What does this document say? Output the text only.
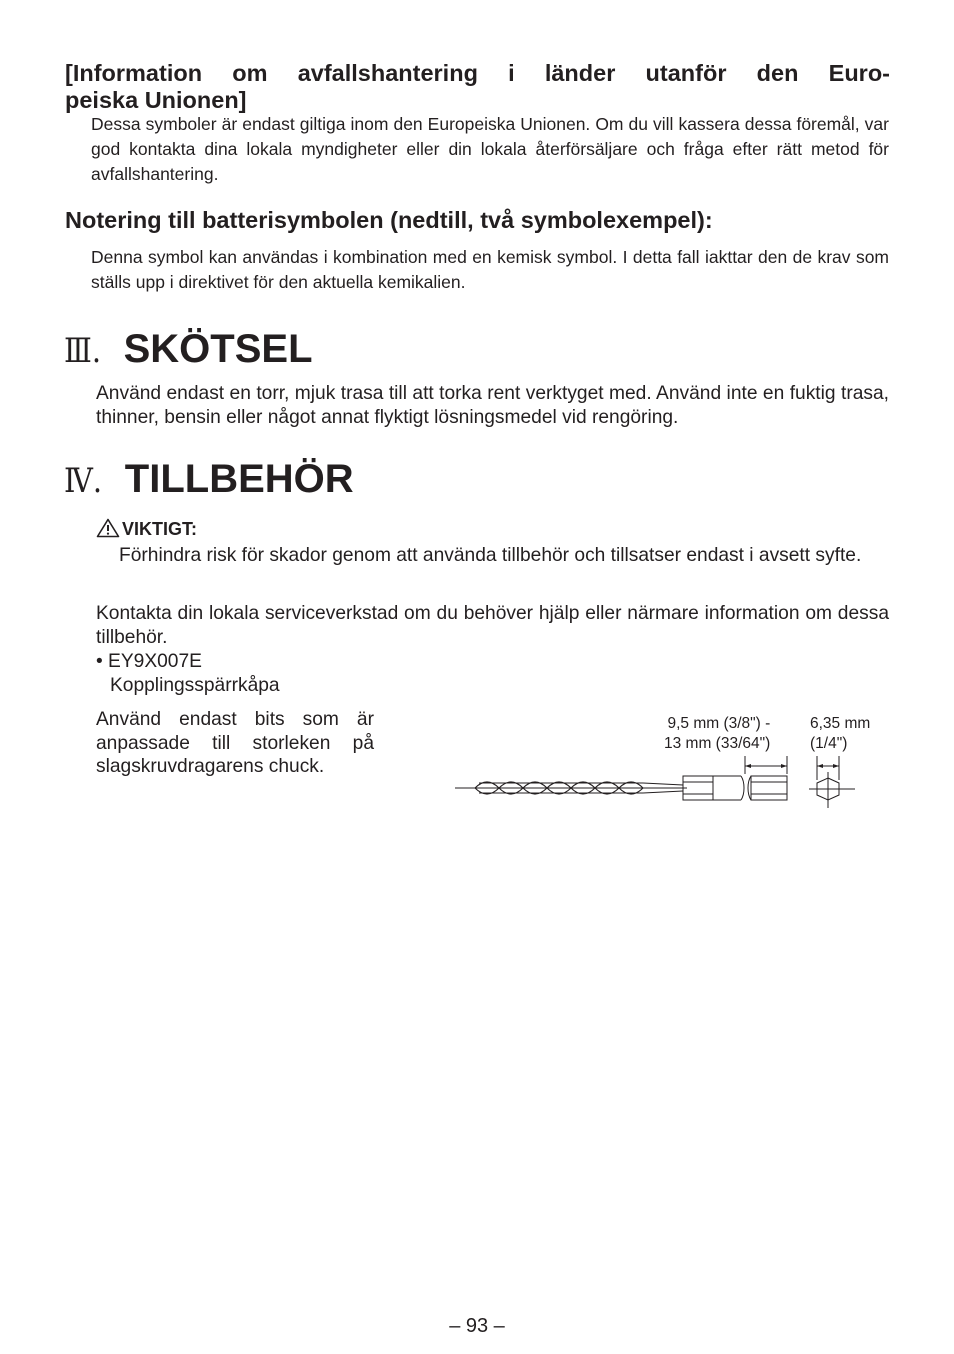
[Information om avfallshantering i länder utanför den Euro-
peiska Unionen]

Dessa symboler är endast giltiga inom den Europeiska Unionen. Om du vill kassera dessa föremål, var god kontakta dina lokala myndigheter eller din lokala återförsäljare och fråga efter rätt metod för avfallshantering.

Notering till batterisymbolen (nedtill, två symbolexempel):

Denna symbol kan användas i kombination med en kemisk symbol. I detta fall iakttar den de krav som ställs upp i direktivet för den aktuella kemikalien.

Ⅲ. SKÖTSEL

Använd endast en torr, mjuk trasa till att torka rent verktyget med. Använd inte en fuktig trasa, thinner, bensin eller något annat flyktigt lösningsmedel vid rengöring.

Ⅳ. TILLBEHÖR
VIKTIGT:

Förhindra risk för skador genom att använda tillbehör och tillsatser endast i avsett syfte.

Kontakta din lokala serviceverkstad om du behöver hjälp eller närmare information om dessa tillbehör.

• EY9X007E
Kopplingsspärrkåpa

Använd endast bits som är anpassade till storleken på slagskruvdragarens chuck.

9,5 mm (3/8") -
13 mm (33/64")
6,35 mm
(1/4")
– 93 –
